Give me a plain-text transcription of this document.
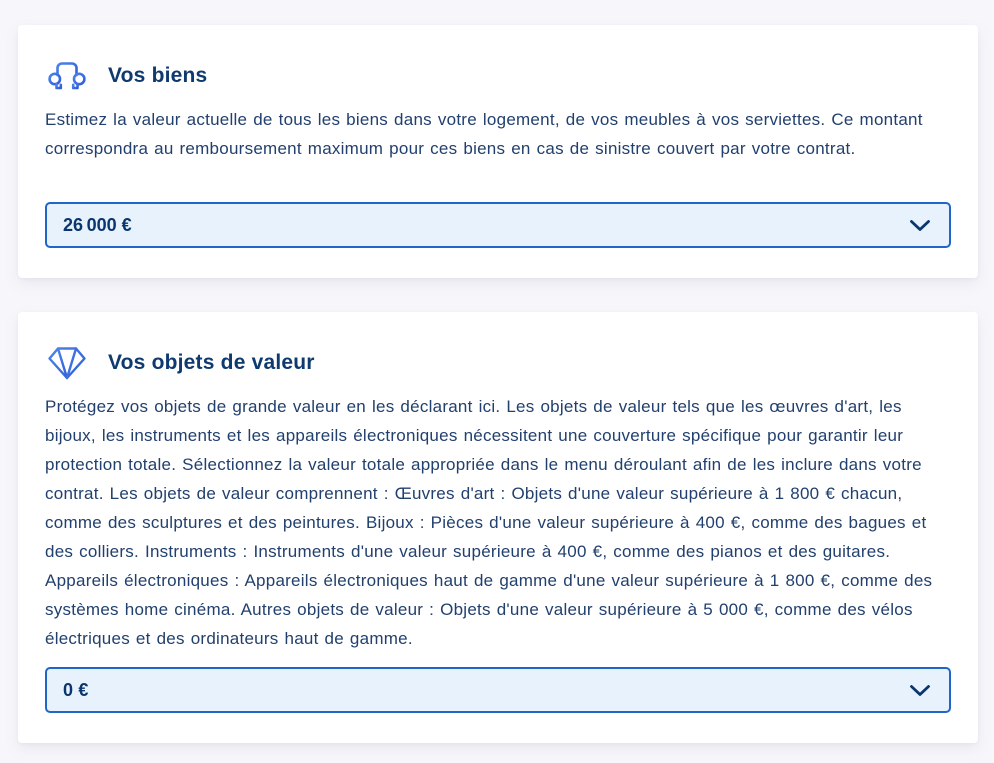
Vos biens

Estimez la valeur actuelle de tous les biens dans votre logement, de vos meubles à vos serviettes. Ce montant correspondra au remboursement maximum pour ces biens en cas de sinistre couvert par votre contrat.

26 000 €
Vos objets de valeur

Protégez vos objets de grande valeur en les déclarant ici. Les objets de valeur tels que les œuvres d'art, les bijoux, les instruments et les appareils électroniques nécessitent une couverture spécifique pour garantir leur protection totale. Sélectionnez la valeur totale appropriée dans le menu déroulant afin de les inclure dans votre contrat. Les objets de valeur comprennent : Œuvres d'art : Objets d'une valeur supérieure à 1 800 € chacun, comme des sculptures et des peintures. Bijoux : Pièces d'une valeur supérieure à 400 €, comme des bagues et des colliers. Instruments : Instruments d'une valeur supérieure à 400 €, comme des pianos et des guitares. Appareils électroniques : Appareils électroniques haut de gamme d'une valeur supérieure à 1 800 €, comme des systèmes home cinéma. Autres objets de valeur : Objets d'une valeur supérieure à 5 000 €, comme des vélos électriques et des ordinateurs haut de gamme.

0 €
